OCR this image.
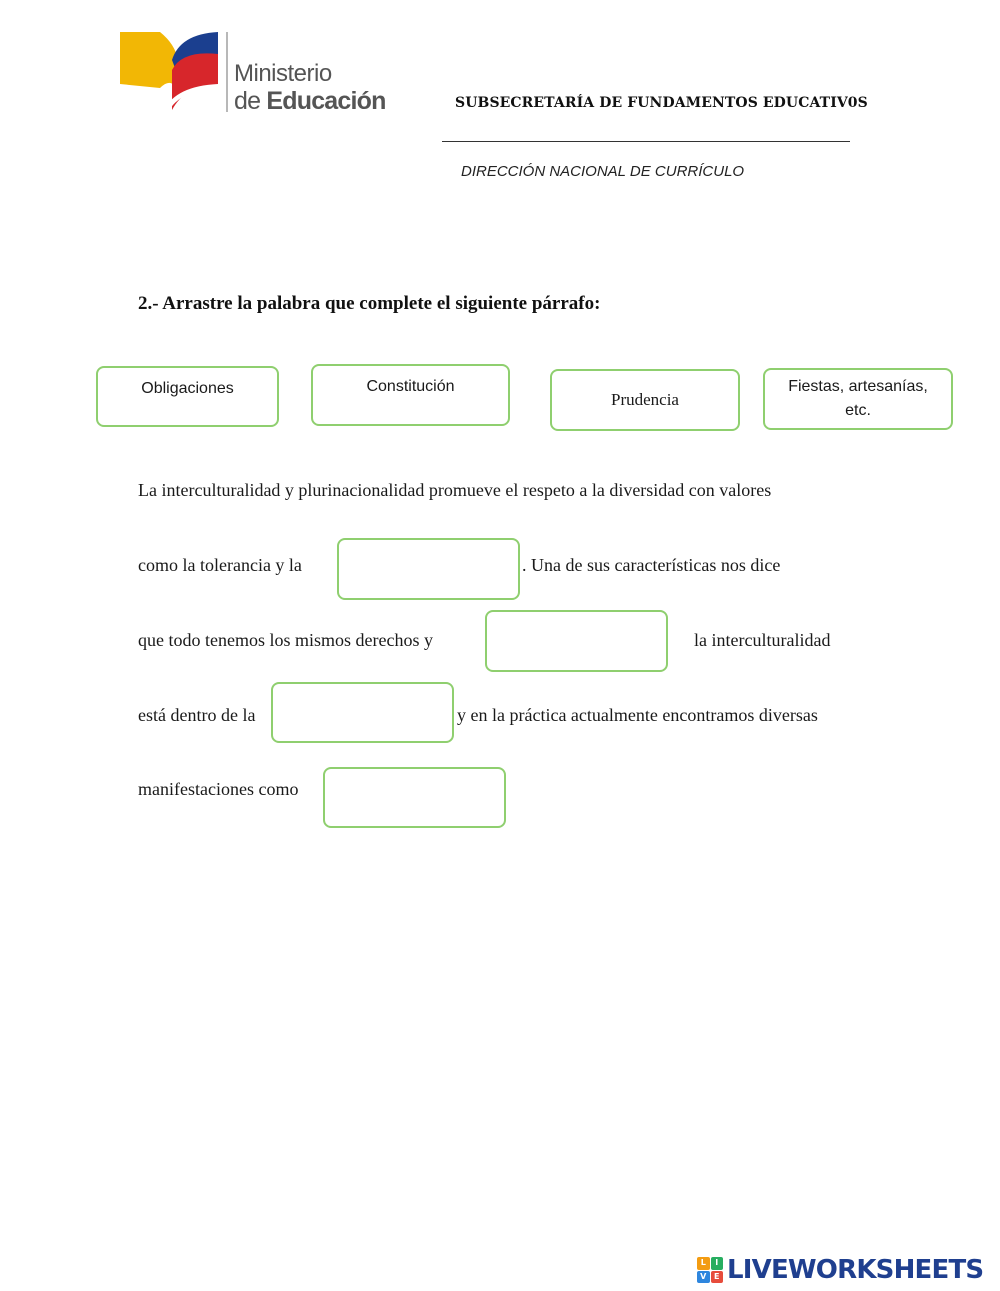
Ministerio
de Educación	SUBSECRETARÍA DE FUNDAMENTOS EDUCATIV0S
DIRECCIÓN NACIONAL DE CURRÍCULO
2.- Arrastre la palabra que complete el siguiente párrafo:
Obligaciones	Constitución
Prudencia
Fiestas, artesanías, etc.
La interculturalidad y plurinacionalidad promueve el respeto a la diversidad con valores
como la tolerancia y la	. Una de sus características nos dice
que todo tenemos los mismos derechos y	la interculturalidad
está dentro de la	y en la práctica actualmente encontramos diversas
manifestaciones como
L	I
V E LIVEWORKSHEETS
